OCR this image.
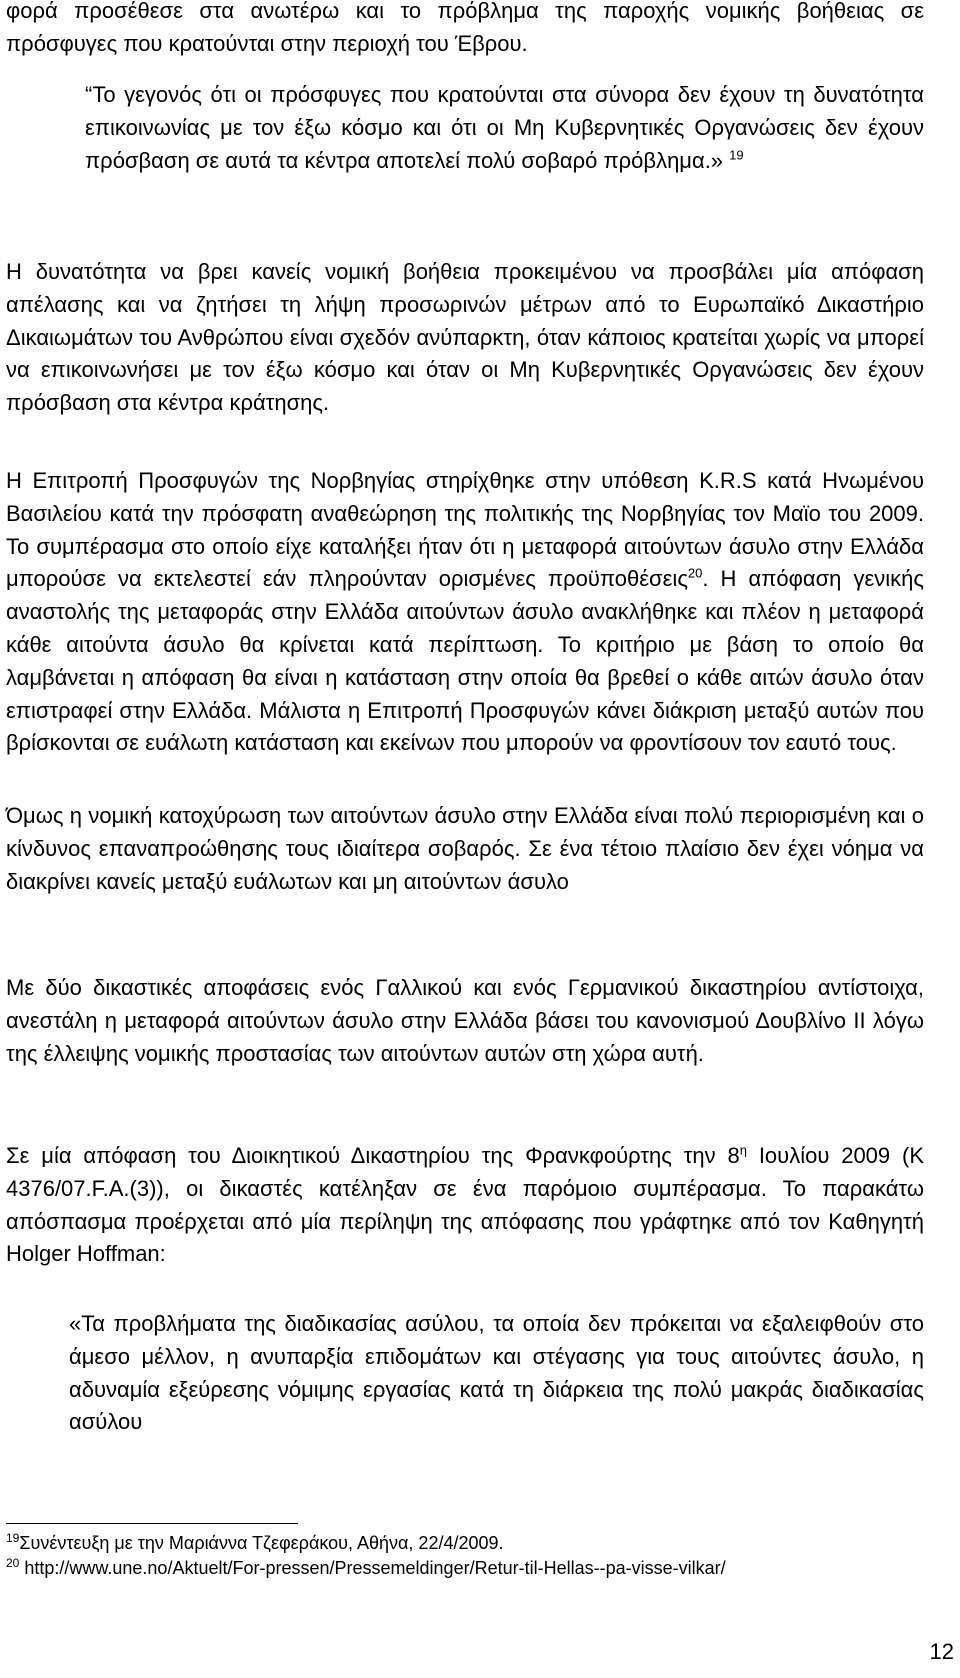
φορά προσέθεσε στα ανωτέρω και το πρόβλημα της παροχής νομικής βοήθειας σε πρόσφυγες που κρατούνται στην περιοχή του Έβρου.

“Το γεγονός ότι οι πρόσφυγες που κρατούνται στα σύνορα δεν έχουν τη δυνατότητα επικοινωνίας με τον έξω κόσμο και ότι οι Μη Κυβερνητικές Οργανώσεις δεν έχουν πρόσβαση σε αυτά τα κέντρα αποτελεί πολύ σοβαρό πρόβλημα.» $^{19}$

Η δυνατότητα να βρει κανείς νομική βοήθεια προκειμένου να προσβάλει μία απόφαση απέλασης και να ζητήσει τη λήψη προσωρινών μέτρων από το Ευρωπαϊκό Δικαστήριο Δικαιωμάτων του Ανθρώπου είναι σχεδόν ανύπαρκτη, όταν κάποιος κρατείται χωρίς να μπορεί να επικοινωνήσει με τον έξω κόσμο και όταν οι Μη Κυβερνητικές Οργανώσεις δεν έχουν πρόσβαση στα κέντρα κράτησης.

Η Επιτροπή Προσφυγών της Νορβηγίας στηρίχθηκε στην υπόθεση K.R.S κατά Ηνωμένου Βασιλείου κατά την πρόσφατη αναθεώρηση της πολιτικής της Νορβηγίας τον Μαϊο του 2009. Το συμπέρασμα στο οποίο είχε καταλήξει ήταν ότι η μεταφορά αιτούντων άσυλο στην Ελλάδα μπορούσε να εκτελεστεί εάν πληρούνταν ορισμένες προϋποθέσεις$^{20}$. Η απόφαση γενικής αναστολής της μεταφοράς στην Ελλάδα αιτούντων άσυλο ανακλήθηκε και πλέον η μεταφορά κάθε αιτούντα άσυλο θα κρίνεται κατά περίπτωση. Το κριτήριο με βάση το οποίο θα λαμβάνεται η απόφαση θα είναι η κατάσταση στην οποία θα βρεθεί ο κάθε αιτών άσυλο όταν επιστραφεί στην Ελλάδα. Μάλιστα η Επιτροπή Προσφυγών κάνει διάκριση μεταξύ αυτών που βρίσκονται σε ευάλωτη κατάσταση και εκείνων που μπορούν να φροντίσουν τον εαυτό τους.

Όμως η νομική κατοχύρωση των αιτούντων άσυλο στην Ελλάδα είναι πολύ περιορισμένη και ο κίνδυνος επαναπροώθησης τους ιδιαίτερα σοβαρός. Σε ένα τέτοιο πλαίσιο δεν έχει νόημα να διακρίνει κανείς μεταξύ ευάλωτων και μη αιτούντων άσυλο

Με δύο δικαστικές αποφάσεις ενός Γαλλικού και ενός Γερμανικού δικαστηρίου αντίστοιχα, ανεστάλη η μεταφορά αιτούντων άσυλο στην Ελλάδα βάσει του κανονισμού Δουβλίνο ΙΙ λόγω της έλλειψης νομικής προστασίας των αιτούντων αυτών στη χώρα αυτή.

Σε μία απόφαση του Διοικητικού Δικαστηρίου της Φρανκφούρτης την $8^\eta$ Ιουλίου 2009 (K 4376/07.F.A.(3)), οι δικαστές κατέληξαν σε ένα παρόμοιο συμπέρασμα. Το παρακάτω απόσπασμα προέρχεται από μία περίληψη της απόφασης που γράφτηκε από τον Καθηγητή Holger Hoffman:

«Τα προβλήματα της διαδικασίας ασύλου, τα οποία δεν πρόκειται να εξαλειφθούν στο άμεσο μέλλον, η ανυπαρξία επιδομάτων και στέγασης για τους αιτούντες άσυλο, η αδυναμία εξεύρεσης νόμιμης εργασίας κατά τη διάρκεια της πολύ μακράς διαδικασίας ασύλου

$^{19}$Συνέντευξη με την Μαριάννα Τζεφεράκου, Αθήνα, 22/4/2009.
$^{20}$ http://www.une.no/Aktuelt/For-pressen/Pressemeldinger/Retur-til-Hellas--pa-visse-vilkar/
12
